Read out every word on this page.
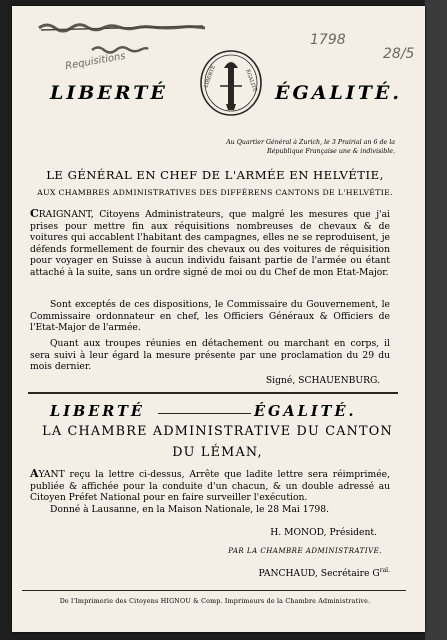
Requisitions
1798
28/5
LIBERTÉ	ÉGALITÉ
LIBERTÉ	ÉGALITÉ.
Au Quartier Général à Zurich, le 3 Prairial an 6 de la
République Française une & indivisible.
LE GÉNÉRAL EN CHEF DE L'ARMÉE EN HELVÉTIE,
AUX CHAMBRES ADMINISTRATIVES DES DIFFÉRENS CANTONS DE L'HELVÉTIE.
CRAIGNANT, Citoyens Administrateurs, que malgré les mesures que j'ai prises pour mettre fin aux réquisitions nombreuses de chevaux & de voitures qui accablent l'habitant des campagnes, elles ne se reproduisent, je défends formellement de fournir des chevaux ou des voitures de réquisition pour voyager en Suisse à aucun individu faisant partie de l'armée ou étant attaché à la suite, sans un ordre signé de moi ou du Chef de mon Etat-Major.
Sont exceptés de ces dispositions, le Commissaire du Gouvernement, le Commissaire ordonnateur en chef, les Officiers Généraux & Officiers de l'Etat-Major de l'armée.
Quant aux troupes réunies en détachement ou marchant en corps, il sera suivi à leur égard la mesure présente par une proclamation du 29 du mois dernier.
Signé, SCHAUENBURG.
LIBERTÉ	ÉGALITÉ.
LA CHAMBRE ADMINISTRATIVE DU CANTON
DU LÉMAN,
AYANT reçu la lettre ci-dessus, Arrête que ladite lettre sera réimprimée, publiée & affichée pour la conduite d'un chacun, & un double adressé au Citoyen Préfet National pour en faire surveiller l'exécution.
Donné à Lausanne, en la Maison Nationale, le 28 Mai 1798.
H. MONOD, Président.
PAR LA CHAMBRE ADMINISTRATIVE.
PANCHAUD, Secrétaire $G^{ral.}$
De l'Imprimerie des Citoyens HIGNOU & Comp. Imprimeurs de la Chambre Administrative.
